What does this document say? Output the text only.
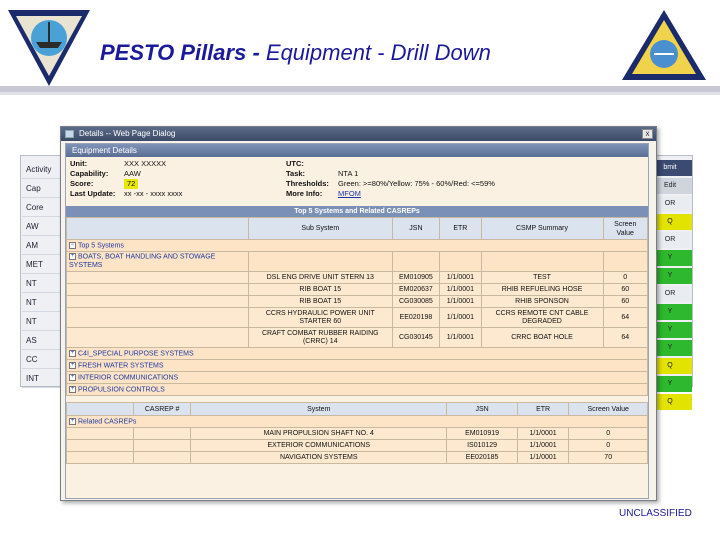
PESTO Pillars - Equipment - Drill Down
Activity
Cap
Core
AW
AM
MET
NT
NT
NT
AS
CC
INT
bmit
Edit
OR
Q
OR
Y
Y
OR
Y
Y
Y
Q
Y
Q
Details -- Web Page Dialog	x
Equipment Details
Unit:	XXX XXXXX
Capability: AAW
Score:	72
Last Update: xx -xx - xxxx xxxx
UTC:
Task:	NTA 1
Thresholds: Green: >=80%/Yellow: 75% - 60%/Red: <=59%
More Info: MFOM
Top 5 Systems and Related CASREPs
	Sub System	JSN	ETR	CSMP Summary	Screen Value
− Top 5 Systems					
+ BOATS, BOAT HANDLING AND STOWAGE SYSTEMS					
	DSL ENG DRIVE UNIT STERN 13	EM010905	1/1/0001	TEST	0
	RIB BOAT 15	EM020637	1/1/0001	RHIB REFUELING HOSE	60
	RIB BOAT 15	CG030085	1/1/0001	RHIB SPONSON	60
	CCRS HYDRAULIC POWER UNIT STARTER 60	EE020198	1/1/0001	CCRS REMOTE CNT CABLE DEGRADED	64
	CRAFT COMBAT RUBBER RAIDING (CRRC) 14	CG030145	1/1/0001	CRRC BOAT HOLE	64
+ C4I_SPECIAL PURPOSE SYSTEMS					
+ FRESH WATER SYSTEMS					
+ INTERIOR COMMUNICATIONS					
+ PROPULSION CONTROLS					
	CASREP #	System	JSN	ETR	Screen Value
+ Related CASREPs					
		MAIN PROPULSION SHAFT NO. 4	EM010919	1/1/0001	0
		EXTERIOR COMMUNICATIONS	IS010129	1/1/0001	0
		NAVIGATION SYSTEMS	EE020185	1/1/0001	70
UNCLASSIFIED
